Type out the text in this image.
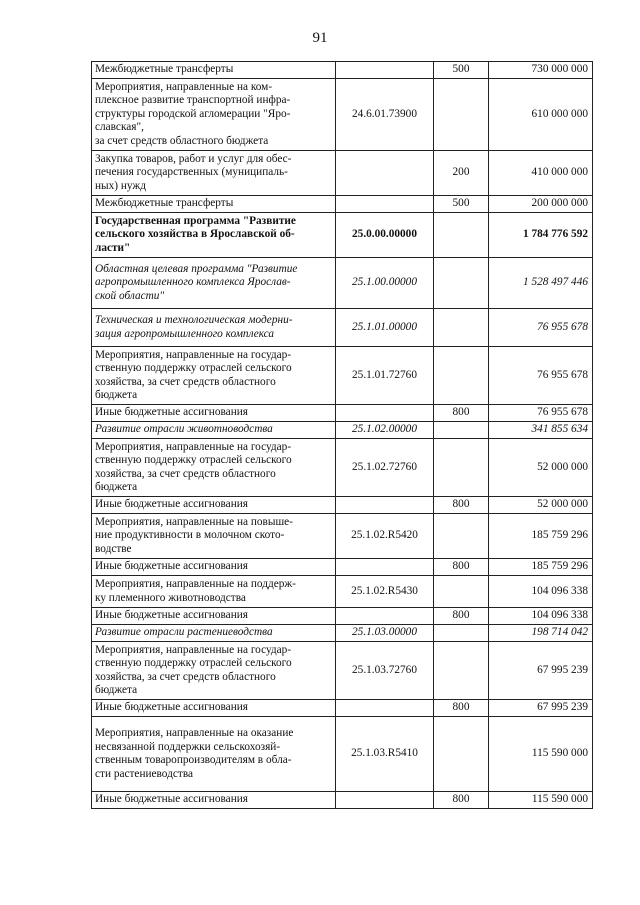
91
Межбюджетные трансферты		500	730 000 000
Мероприятия, направленные на ком-
плексное развитие транспортной инфра-
структуры городской агломерации "Яро-
славская",
за счет средств областного бюджета	24.6.01.73900		610 000 000
Закупка товаров, работ и услуг для обес-
печения государственных (муниципаль-
ных) нужд		200	410 000 000
Межбюджетные трансферты		500	200 000 000
Государственная программа "Развитие
сельского хозяйства в Ярославской об-
ласти"	25.0.00.00000		1 784 776 592
Областная целевая программа "Развитие
агропромышленного комплекса Ярослав-
ской области"	25.1.00.00000		1 528 497 446
Техническая и технологическая модерни-
зация агропромышленного комплекса	25.1.01.00000		76 955 678
Мероприятия, направленные на государ-
ственную поддержку отраслей сельского
хозяйства, за счет средств областного
бюджета	25.1.01.72760		76 955 678
Иные бюджетные ассигнования		800	76 955 678
Развитие отрасли животноводства	25.1.02.00000		341 855 634
Мероприятия, направленные на государ-
ственную поддержку отраслей сельского
хозяйства, за счет средств областного
бюджета	25.1.02.72760		52 000 000
Иные бюджетные ассигнования		800	52 000 000
Мероприятия, направленные на повыше-
ние продуктивности в молочном ското-
водстве	25.1.02.R5420		185 759 296
Иные бюджетные ассигнования		800	185 759 296
Мероприятия, направленные на поддерж-
ку племенного животноводства	25.1.02.R5430		104 096 338
Иные бюджетные ассигнования		800	104 096 338
Развитие отрасли растениеводства	25.1.03.00000		198 714 042
Мероприятия, направленные на государ-
ственную поддержку отраслей сельского
хозяйства, за счет средств областного
бюджета	25.1.03.72760		67 995 239
Иные бюджетные ассигнования		800	67 995 239
Мероприятия, направленные на оказание
несвязанной поддержки сельскохозяй-
ственным товаропроизводителям в обла-
сти растениеводства	25.1.03.R5410		115 590 000
Иные бюджетные ассигнования		800	115 590 000
